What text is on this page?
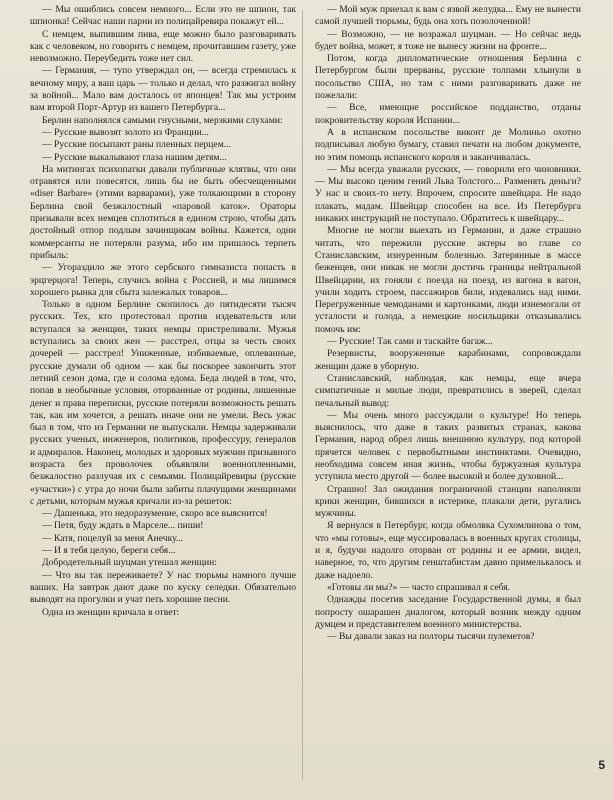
— Мы ошиблись совсем немного... Если это не шпион, так шпионка! Сейчас наши парни из полицайревира покажут ей...

С немцем, выпившим пива, еще можно было разговаривать как с человеком, но говорить с немцем, прочитавшим газету, уже невозможно. Переубедить тоже нет сил.

— Германия, — тупо утверждал он, — всегда стремилась к вечному миру, а ваш царь — только и делал, что разжигал войну за войной... Мало вам досталось от японцев! Так мы устроим вам второй Порт-Артур из вашего Петербурга...

Берлин наполнялся самыми гнусными, мерзкими слухами:

— Русские вывозят золото из Франции...

— Русские посыпают раны пленных перцем...

— Русские выкалывают глаза нашим детям...

На митингах психопатки давали публичные клятвы, что они отравятся или повесятся, лишь бы не быть обесчещенными «diser Barbare» (этими варварами), уже толкающими в сторону Берлина свой безжалостный «паровой каток». Ораторы призывали всех немцев сплотиться в едином строю, чтобы дать достойный отпор подлым зачинщикам войны. Кажется, одни коммерсанты не потеряли разума, ибо им пришлось терпеть прибыль:

— Угораздило же этого сербского гимназиста попасть в эрцгерцога! Теперь, случись война с Россией, и мы лишимся хорошего рынка для сбыта залежалых товаров...

Только в одном Берлине скопилось до пятидесяти тысяч русских. Тех, кто протестовал против издевательств или вступался за женщин, таких немцы пристреливали. Мужья вступались за своих жен — расстрел, отцы за честь своих дочерей — расстрел! Униженные, избиваемые, оплеванные, русские думали об одном — как бы поскорее закончить этот летний сезон дома, где и солома едома. Беда людей в том, что, попав в необычные условия, оторванные от родины, лишенные денег и права переписки, русские потеряли возможность решать так, как им хочется, а решать иначе они не умели. Весь ужас был в том, что из Германии не выпускали. Немцы задерживали русских ученых, инженеров, политиков, профессуру, генералов и адмиралов. Наконец, молодых и здоровых мужчин призывного возраста без проволочек объявляли военнопленными, безжалостно разлучая их с семьями. Полицайревиры (русские «участки») с утра до ночи были забиты плачущими женщинами с детьми, которым мужья кричали из-за решеток:

— Дашенька, это недоразумение, скоро все выяснится!

— Петя, буду ждать в Марселе... пиши!

— Катя, поцелуй за меня Анечку...

— И я тебя целую, береги себя...

Добродетельный шуцман утешал женщин:

— Что вы так переживаете? У нас тюрьмы намного лучше ваших. На завтрак дают даже по куску селедки. Обязательно выводят на прогулки и учат петь хорошие песни.

Одна из женщин кричала в ответ:

— Мой муж приехал к вам с язвой желудка... Ему не вынести самой лучшей тюрьмы, будь она хоть позолоченной!

— Возможно, — не возражал шуцман. — Но сейчас ведь будет война, может, я тоже не вынесу жизни на фронте...

Потом, когда дипломатические отношения Берлина с Петербургом были прерваны, русские толпами хлынули в посольство США, но там с ними разговаривать даже не пожелали:

— Все, имеющие российское подданство, отданы покровительству короля Испании...

А в испанском посольстве виконт де Молиньо охотно подписывал любую бумагу, ставил печати на любом документе, но этим помощь испанского короля и заканчивалась.

— Мы всегда уважали русских, — говорили его чиновники. — Мы высоко ценим гений Льва Толстого... Разменять деньги? У нас и своих-то нету. Впрочем, спросите швейцара. Не надо плакать, мадам. Швейцар способен на все. Из Петербурга никаких инструкций не поступало. Обратитесь к швейцару...

Многие не могли выехать из Германии, и даже страшно читать, что пережили русские актеры во главе со Станиславским, изнуренным болезнью. Затерянные в массе беженцев, они никак не могли достичь границы нейтральной Швейцарии, их гоняли с поезда на поезд, из вагона в вагон, учили ходить строем, пассажиров били, издевались над ними. Перегруженные чемоданами и картонками, люди изнемогали от усталости и голода, а немецкие носильщики отказывались помочь им:

— Русские! Так сами и таскайте багаж...

Резервисты, вооруженные карабинами, сопровождали женщин даже в уборную.

Станиславский, наблюдая, как немцы, еще вчера симпатичные и милые люди, превратились в зверей, сделал печальный вывод:

— Мы очень много рассуждали о культуре! Но теперь выяснилось, что даже в таких развитых странах, какова Германия, народ обрел лишь внешнюю культуру, под которой прячется человек с первобытными инстинктами. Очевидно, необходима совсем иная жизнь, чтобы буржуазная культура уступила место другой — более высокой и более духовной...

Страшно! Зал ожидания пограничной станции наполняли крики женщин, бившихся в истерике, плакали дети, ругались мужчины.

Я вернулся в Петербург, когда обмолвка Сухомлинова о том, что «мы готовы», еще муссировалась в военных кругах столицы, и я, будучи надолго оторван от родины и ее армии, видел, наверное, то, что другим генштабистам давно примелькалось и даже надоело.

«Готовы ли мы?» — часто спрашивал я себя.

Однажды посетив заседание Государственной думы, я был попросту ошарашен диалогом, который возник между одним думцем и представителем военного министерства.

— Вы давали заказ на полторы тысячи пулеметов?

5
